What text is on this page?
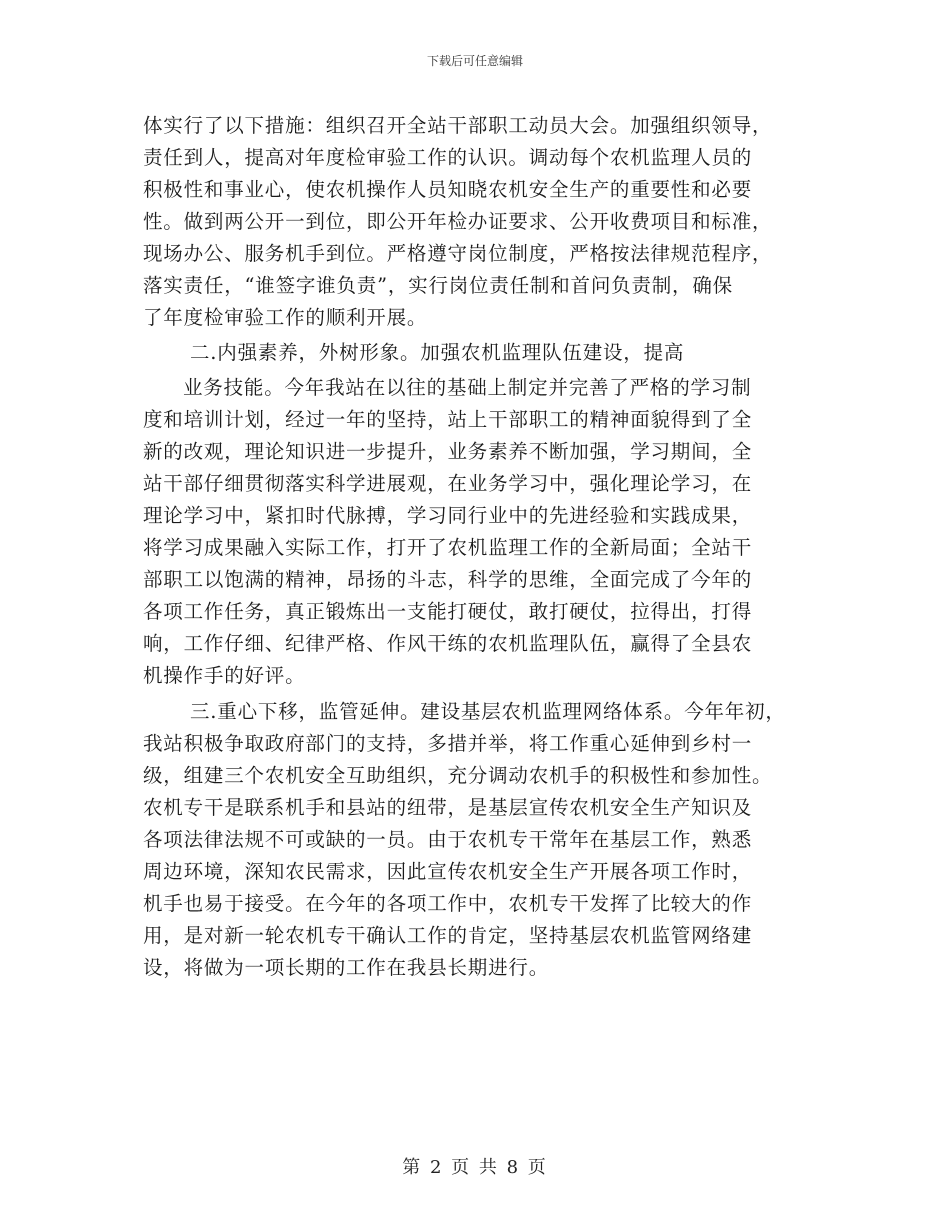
下载后可任意编辑
体实行了以下措施：组织召开全站干部职工动员大会。加强组织领导，
责任到人，提高对年度检审验工作的认识。调动每个农机监理人员的
积极性和事业心，使农机操作人员知晓农机安全生产的重要性和必要
性。做到两公开一到位，即公开年检办证要求、公开收费项目和标准，
现场办公、服务机手到位。严格遵守岗位制度，严格按法律规范程序，
落实责任，“谁签字谁负责”，实行岗位责任制和首问负责制，确保
了年度检审验工作的顺利开展。
二.内强素养，外树形象。加强农机监理队伍建设，提高
业务技能。今年我站在以往的基础上制定并完善了严格的学习制
度和培训计划，经过一年的坚持，站上干部职工的精神面貌得到了全
新的改观，理论知识进一步提升，业务素养不断加强，学习期间，全
站干部仔细贯彻落实科学进展观，在业务学习中，强化理论学习，在
理论学习中，紧扣时代脉搏，学习同行业中的先进经验和实践成果，
将学习成果融入实际工作，打开了农机监理工作的全新局面；全站干
部职工以饱满的精神，昂扬的斗志，科学的思维，全面完成了今年的
各项工作任务，真正锻炼出一支能打硬仗，敢打硬仗，拉得出，打得
响，工作仔细、纪律严格、作风干练的农机监理队伍，赢得了全县农
机操作手的好评。
三.重心下移，监管延伸。建设基层农机监理网络体系。今年年初，
我站积极争取政府部门的支持，多措并举，将工作重心延伸到乡村一
级，组建三个农机安全互助组织，充分调动农机手的积极性和参加性。
农机专干是联系机手和县站的纽带，是基层宣传农机安全生产知识及
各项法律法规不可或缺的一员。由于农机专干常年在基层工作，熟悉
周边环境，深知农民需求，因此宣传农机安全生产开展各项工作时，
机手也易于接受。在今年的各项工作中，农机专干发挥了比较大的作
用，是对新一轮农机专干确认工作的肯定，坚持基层农机监管网络建
设，将做为一项长期的工作在我县长期进行。
第 2 页 共 8 页
